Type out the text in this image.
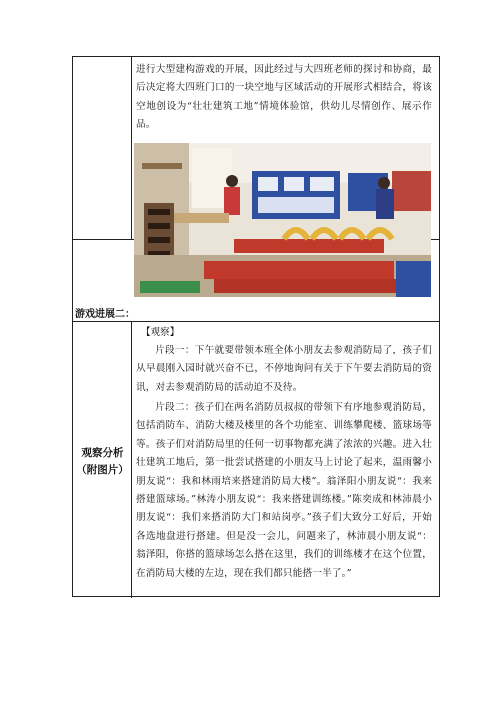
进行大型建构游戏的开展，因此经过与大四班老师的探讨和协商，最后决定将大四班门口的一块空地与区域活动的开展形式相结合，将该空地创设为“壮壮建筑工地”情境体验馆，供幼儿尽情创作、展示作品。

游戏进展二：
观察分析
（附图片）
【观察】

片段一：下午就要带领本班全体小朋友去参观消防局了，孩子们从早晨刚入园时就兴奋不已，不停地询问有关于下午要去消防局的资讯，对去参观消防局的活动迫不及待。

片段二：孩子们在两名消防员叔叔的带领下有序地参观消防局，包括消防车、消防大楼及楼里的各个功能室、训练攀爬楼、篮球场等等。孩子们对消防局里的任何一切事物都充满了浓浓的兴趣。进入壮壮建筑工地后，第一批尝试搭建的小朋友马上讨论了起来，温雨馨小朋友说“：我和林雨培来搭建消防局大楼”。翁泽阳小朋友说“：我来搭建篮球场。”林涛小朋友说“：我来搭建训练楼。”陈奕成和林沛晨小朋友说“：我们来搭消防大门和站岗亭。”孩子们大致分工好后，开始各选地盘进行搭建。但是没一会儿，问题来了，林沛晨小朋友说“：翁泽阳，你搭的篮球场怎么搭在这里，我们的训练楼才在这个位置，在消防局大楼的左边，现在我们都只能搭一半了。”
